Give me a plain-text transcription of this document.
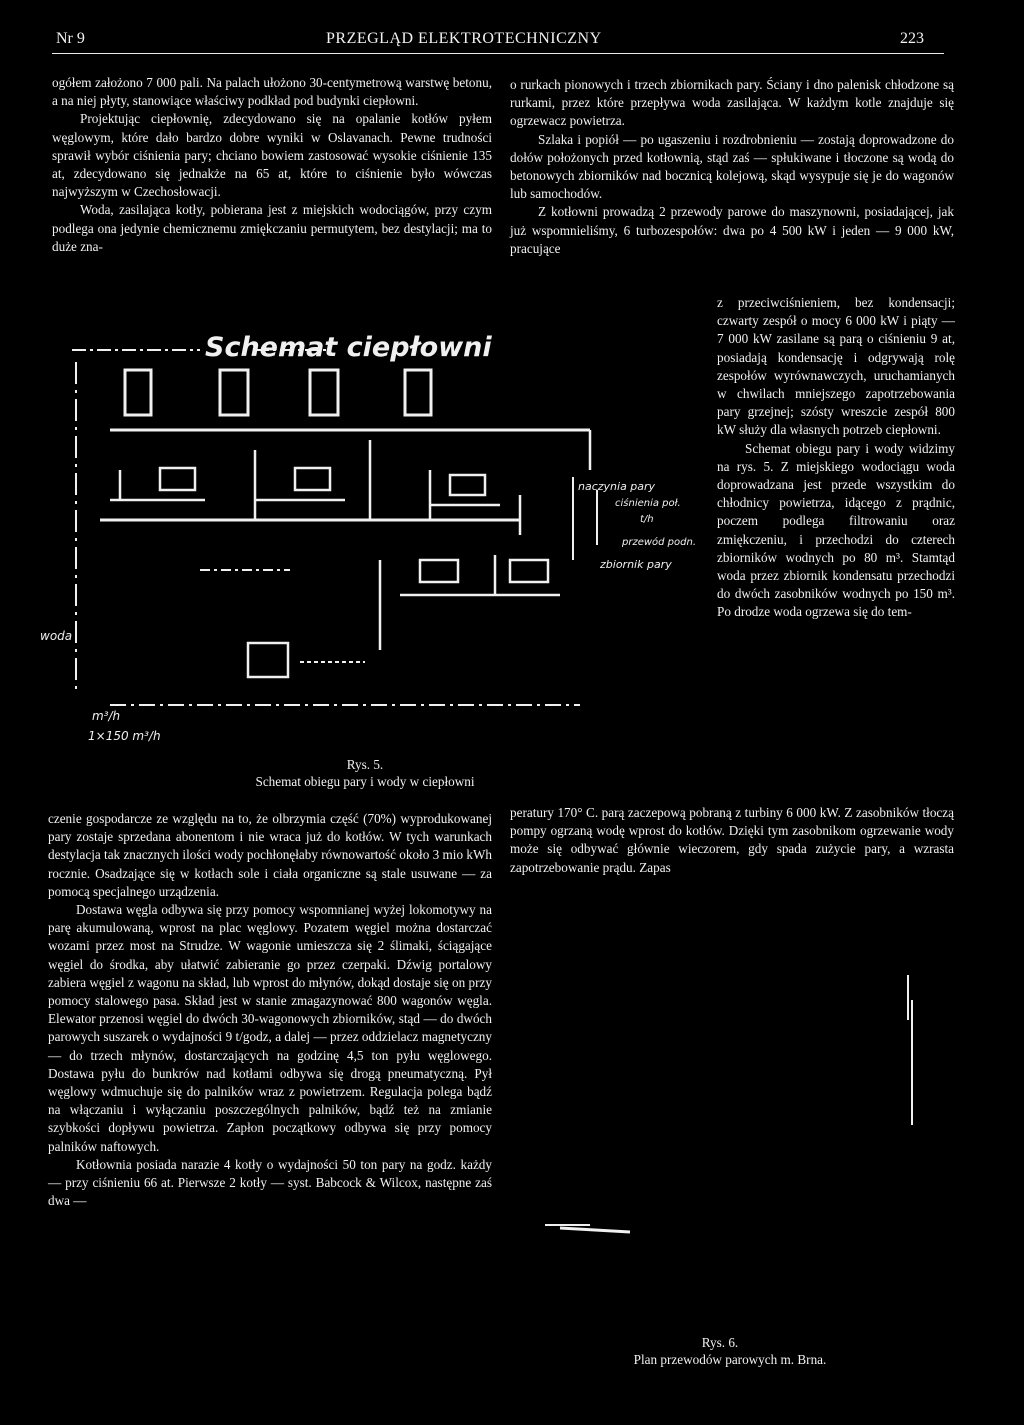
Nr 9	PRZEGLĄD ELEKTROTECHNICZNY	223

ogółem założono 7 000 pali. Na palach ułożono 30-centymetrową warstwę betonu, a na niej płyty, stanowiące właściwy podkład pod budynki ciepłowni.

Projektując ciepłownię, zdecydowano się na opalanie kotłów pyłem węglowym, które dało bardzo dobre wyniki w Oslavanach. Pewne trudności sprawił wybór ciśnienia pary; chciano bowiem zastosować wysokie ciśnienie 135 at, zdecydowano się jednakże na 65 at, które to ciśnienie było wówczas najwyższym w Czechosłowacji.

Woda, zasilająca kotły, pobierana jest z miejskich wodociągów, przy czym podlega ona jedynie chemicznemu zmiękczaniu permutytem, bez destylacji; ma to duże zna-

o rurkach pionowych i trzech zbiornikach pary. Ściany i dno palenisk chłodzone są rurkami, przez które przepływa woda zasilająca. W każdym kotle znajduje się ogrzewacz powietrza.

Szlaka i popiół — po ugaszeniu i rozdrobnieniu — zostają doprowadzone do dołów położonych przed kotłownią, stąd zaś — spłukiwane i tłoczone są wodą do betonowych zbiorników nad bocznicą kolejową, skąd wysypuje się je do wagonów lub samochodów.

Z kotłowni prowadzą 2 przewody parowe do maszynowni, posiadającej, jak już wspomnieliśmy, 6 turbozespołów: dwa po 4 500 kW i jeden — 9 000 kW, pracujące

z przeciwciśnieniem, bez kondensacji; czwarty zespół o mocy 6 000 kW i piąty — 7 000 kW zasilane są parą o ciśnieniu 9 at, posiadają kondensację i odgrywają rolę zespołów wyrównawczych, uruchamianych w chwilach mniejszego zapotrzebowania pary grzejnej; szósty wreszcie zespół 800 kW służy dla własnych potrzeb ciepłowni.

Schemat obiegu pary i wody widzimy na rys. 5. Z miejskiego wodociągu woda doprowadzana jest przede wszystkim do chłodnicy powietrza, idącego z prądnic, poczem podlega filtrowaniu oraz zmiękczeniu, i przechodzi do czterech zbiorników wodnych po 80 m³. Stamtąd woda przez zbiornik kondensatu przechodzi do dwóch zasobników wodnych po 150 m³. Po drodze woda ogrzewa się do tem-

czenie gospodarcze ze względu na to, że olbrzymia część (70%) wyprodukowanej pary zostaje sprzedana abonentom i nie wraca już do kotłów. W tych warunkach destylacja tak znacznych ilości wody pochłonęłaby równowartość około 3 mio kWh rocznie. Osadzające się w kotłach sole i ciała organiczne są stale usuwane — za pomocą specjalnego urządzenia.

Dostawa węgla odbywa się przy pomocy wspomnianej wyżej lokomotywy na parę akumulowaną, wprost na plac węglowy. Pozatem węgiel można dostarczać wozami przez most na Strudze. W wagonie umieszcza się 2 ślimaki, ściągające węgiel do środka, aby ułatwić zabieranie go przez czerpaki. Dźwig portalowy zabiera węgiel z wagonu na skład, lub wprost do młynów, dokąd dostaje się on przy pomocy stalowego pasa. Skład jest w stanie zmagazynować 800 wagonów węgla. Elewator przenosi węgiel do dwóch 30-wagonowych zbiorników, stąd — do dwóch parowych suszarek o wydajności 9 t/godz, a dalej — przez oddzielacz magnetyczny — do trzech młynów, dostarczających na godzinę 4,5 ton pyłu węglowego. Dostawa pyłu do bunkrów nad kotłami odbywa się drogą pneumatyczną. Pył węglowy wdmuchuje się do palników wraz z powietrzem. Regulacja polega bądź na włączaniu i wyłączaniu poszczególnych palników, bądź też na zmianie szybkości dopływu powietrza. Zapłon początkowy odbywa się przy pomocy palników naftowych.

Kotłownia posiada narazie 4 kotły o wydajności 50 ton pary na godz. każdy — przy ciśnieniu 66 at. Pierwsze 2 kotły — syst. Babcock & Wilcox, następne zaś dwa —

peratury 170° C. parą zaczepową pobraną z turbiny 6 000 kW. Z zasobników tłoczą pompy ogrzaną wodę wprost do kotłów. Dzięki tym zasobnikom ogrzewanie wody może się odbywać głównie wieczorem, gdy spada zużycie pary, a wzrasta zapotrzebowanie prądu. Zapas

Schemat ciepłowni
woda
m³/h
1×150 m³/h
naczynia pary
ciśnienia poł.
t/h
przewód podn.
zbiornik pary
Rys. 5.
Schemat obiegu pary i wody w ciepłowni
Rys. 6.
Plan przewodów parowych m. Brna.
